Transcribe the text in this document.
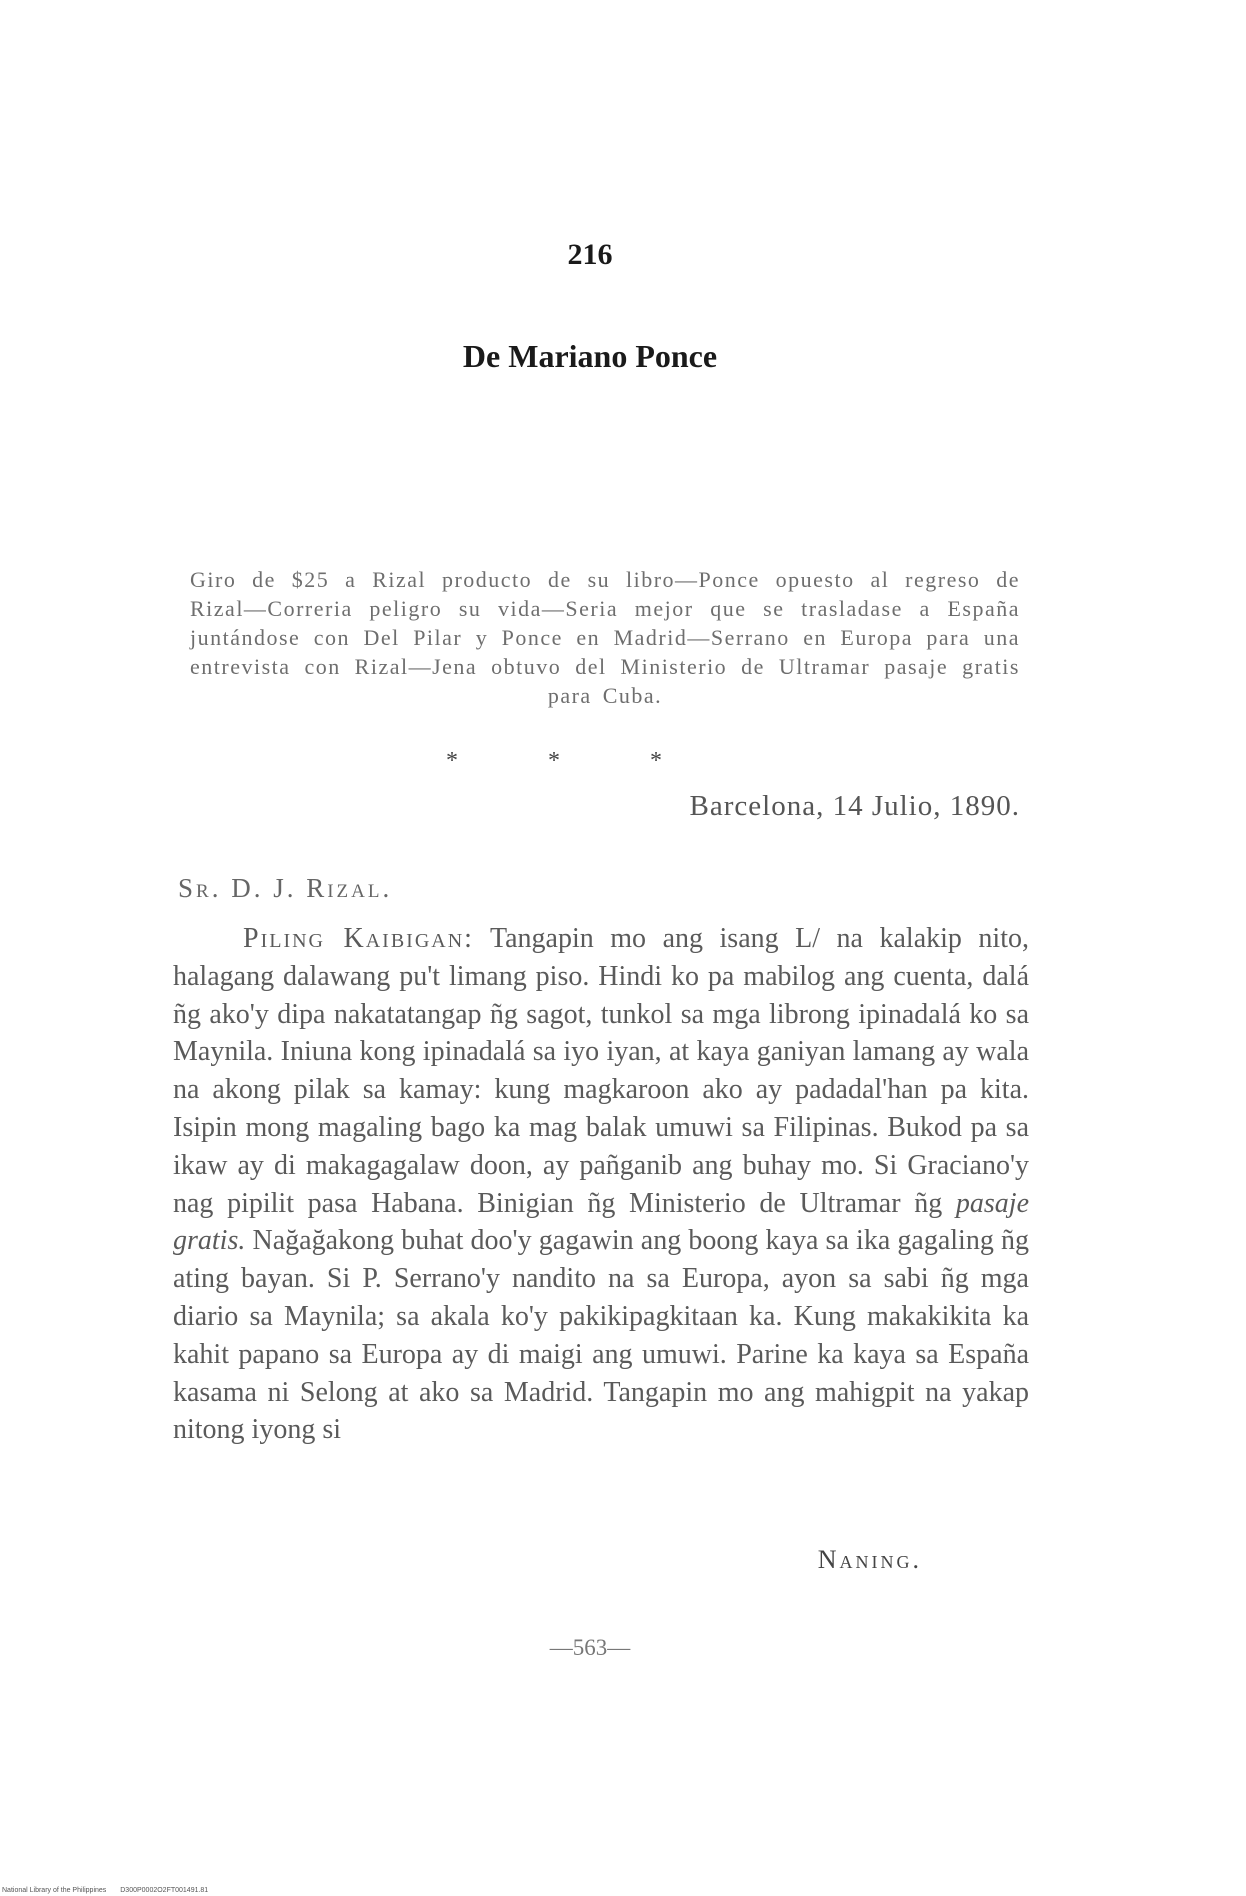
216
De Mariano Ponce
Giro de $25 a Rizal producto de su libro—Ponce opuesto al regreso de Rizal—Correria peligro su vida—Seria mejor que se trasladase a España juntándose con Del Pilar y Ponce en Madrid—Serrano en Europa para una entrevista con Rizal—Jena obtuvo del Ministerio de Ultramar pasaje gratis para Cuba.
* * *
Barcelona, 14 Julio, 1890.
Sr. D. J. Rizal.

Piling Kaibigan: Tangapin mo ang isang L/ na kalakip nito, halagang dalawang pu't limang piso. Hindi ko pa mabilog ang cuenta, dalá ñg ako'y dipa nakatatangap ñg sagot, tunkol sa mga librong ipinadalá ko sa Maynila. Iniuna kong ipinadalá sa iyo iyan, at kaya ganiyan lamang ay wala na akong pilak sa kamay: kung magkaroon ako ay padadal'han pa kita. Isipin mong magaling bago ka mag balak umuwi sa Filipinas. Bukod pa sa ikaw ay di makagagalaw doon, ay pañganib ang buhay mo. Si Graciano'y nag pipilit pasa Habana. Binigian ñg Ministerio de Ultramar ñg pasaje gratis. Nağağakong buhat doo'y gagawin ang boong kaya sa ika gagaling ñg ating bayan. Si P. Serrano'y nandito na sa Europa, ayon sa sabi ñg mga diario sa Maynila; sa akala ko'y pakikipagkitaan ka. Kung makakikita ka kahit papano sa Europa ay di maigi ang umuwi. Parine ka kaya sa España kasama ni Selong at ako sa Madrid. Tangapin mo ang mahigpit na yakap nitong iyong si

Naning.
—563—
National Library of the Philippines D300P0002O2FT001491.81
